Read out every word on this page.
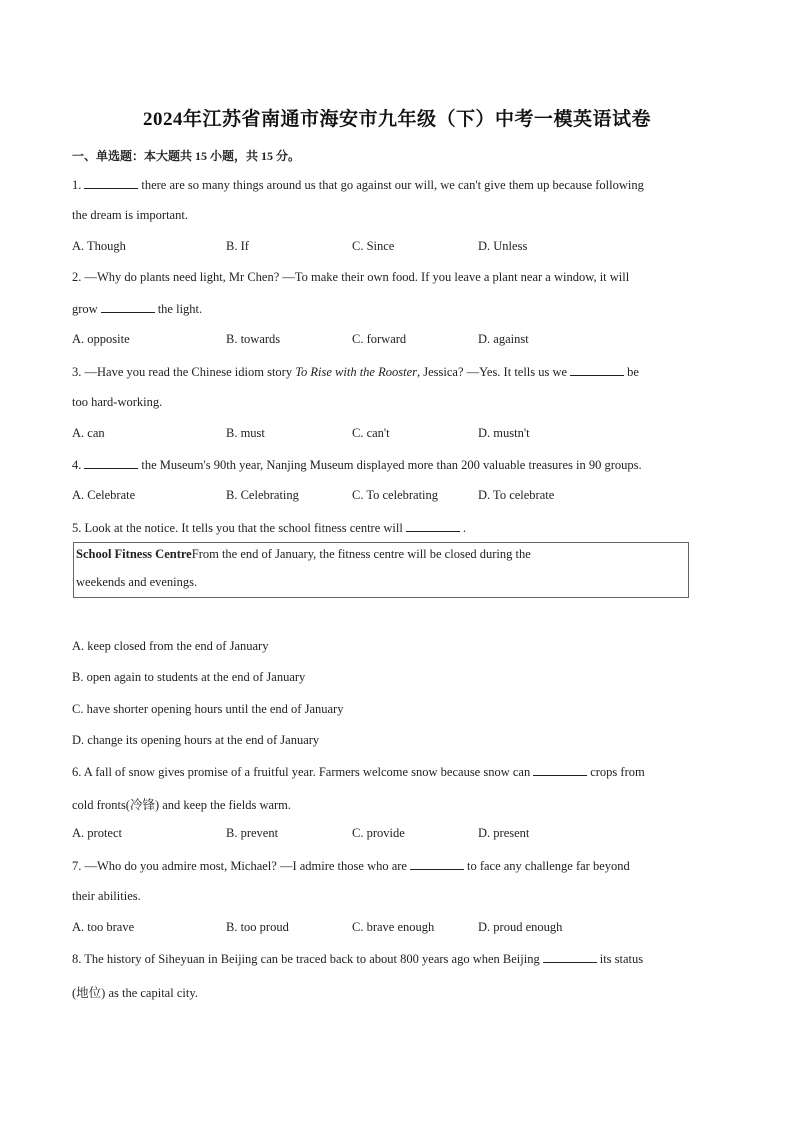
2024年江苏省南通市海安市九年级（下）中考一模英语试卷
一、单选题：本大题共 15 小题，共 15 分。
1.	there are so many things around us that go against our will, we can't give them up because following
the dream is important.
A. Though	B. If	C. Since	D. Unless
2. —Why do plants need light, Mr Chen? —To make their own food. If you leave a plant near a window, it will
grow	the light.
A. opposite	B. towards	C. forward	D. against
3. —Have you read the Chinese idiom story To Rise with the Rooster, Jessica? —Yes. It tells us we	be
too hard-working.
A. can	B. must	C. can't	D. mustn't
4.	the Museum's 90th year, Nanjing Museum displayed more than 200 valuable treasures in 90 groups.
A. Celebrate	B. Celebrating	C. To celebrating	D. To celebrate
5. Look at the notice. It tells you that the school fitness centre will	.
School Fitness CentreFrom the end of January, the fitness centre will be closed during the
weekends and evenings.
A. keep closed from the end of January
B. open again to students at the end of January
C. have shorter opening hours until the end of January
D. change its opening hours at the end of January
6. A fall of snow gives promise of a fruitful year. Farmers welcome snow because snow can	crops from
cold fronts(冷锋) and keep the fields warm.
A. protect	B. prevent	C. provide	D. present
7. —Who do you admire most, Michael? —I admire those who are	to face any challenge far beyond
their abilities.
A. too brave	B. too proud	C. brave enough	D. proud enough
8. The history of Siheyuan in Beijing can be traced back to about 800 years ago when Beijing	its status
(地位) as the capital city.
